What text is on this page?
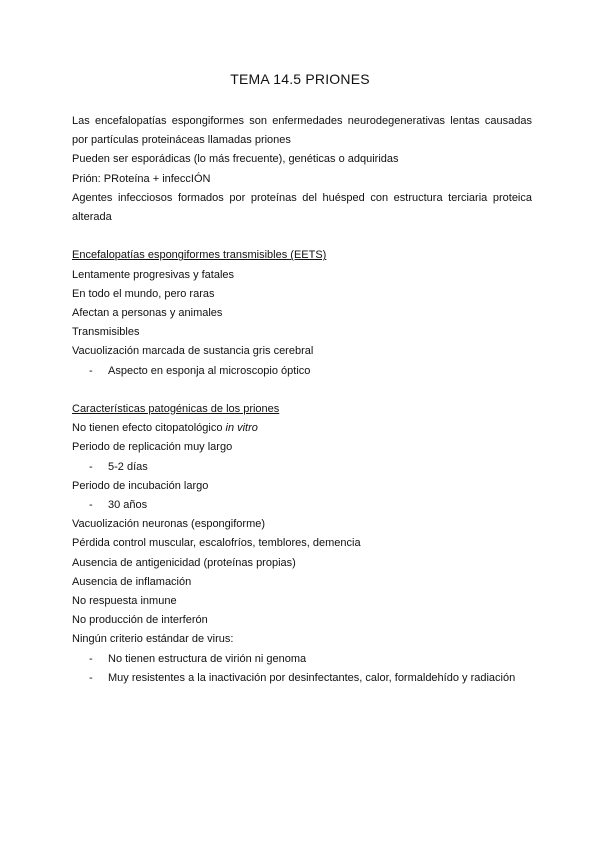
TEMA 14.5 PRIONES
Las encefalopatías espongiformes son enfermedades neurodegenerativas lentas causadas por partículas proteináceas llamadas priones
Pueden ser esporádicas (lo más frecuente), genéticas o adquiridas
Prión: PRoteína + infeccIÓN
Agentes infecciosos formados por proteínas del huésped con estructura terciaria proteica alterada
Encefalopatías espongiformes transmisibles (EETS)
Lentamente progresivas y fatales
En todo el mundo, pero raras
Afectan a personas y animales
Transmisibles
Vacuolización marcada de sustancia gris cerebral
- Aspecto en esponja al microscopio óptico
Características patogénicas de los priones
No tienen efecto citopatológico in vitro
Periodo de replicación muy largo
- 5-2 días
Periodo de incubación largo
- 30 años
Vacuolización neuronas (espongiforme)
Pérdida control muscular, escalofríos, temblores, demencia
Ausencia de antigenicidad (proteínas propias)
Ausencia de inflamación
No respuesta inmune
No producción de interferón
Ningún criterio estándar de virus:
- No tienen estructura de virión ni genoma
- Muy resistentes a la inactivación por desinfectantes, calor, formaldehído y radiación
